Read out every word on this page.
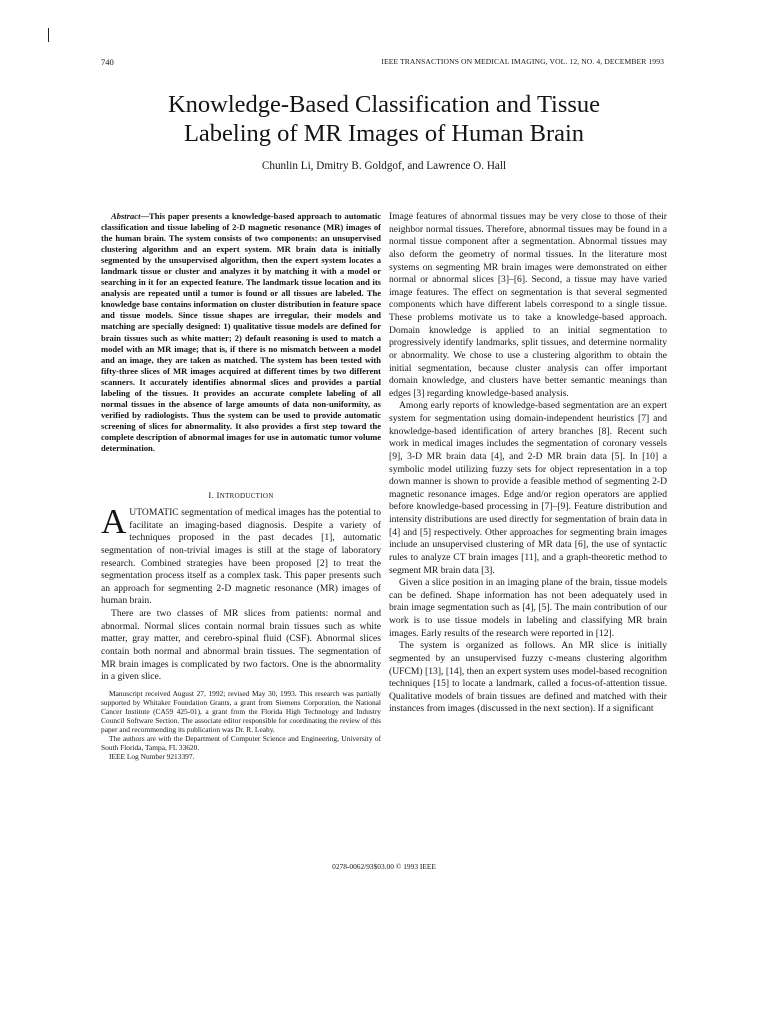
740	IEEE TRANSACTIONS ON MEDICAL IMAGING, VOL. 12, NO. 4, DECEMBER 1993
Knowledge-Based Classification and Tissue
Labeling of MR Images of Human Brain
Chunlin Li, Dmitry B. Goldgof, and Lawrence O. Hall

Abstract—This paper presents a knowledge-based approach to automatic classification and tissue labeling of 2-D magnetic resonance (MR) images of the human brain. The system consists of two components: an unsupervised clustering algorithm and an expert system. MR brain data is initially segmented by the unsupervised algorithm, then the expert system locates a landmark tissue or cluster and analyzes it by matching it with a model or searching in it for an expected feature. The landmark tissue location and its analysis are repeated until a tumor is found or all tissues are labeled. The knowledge base contains information on cluster distribution in feature space and tissue models. Since tissue shapes are irregular, their models and matching are specially designed: 1) qualitative tissue models are defined for brain tissues such as white matter; 2) default reasoning is used to match a model with an MR image; that is, if there is no mismatch between a model and an image, they are taken as matched. The system has been tested with fifty-three slices of MR images acquired at different times by two different scanners. It accurately identifies abnormal slices and provides a partial labeling of the tissues. It provides an accurate complete labeling of all normal tissues in the absence of large amounts of data non-uniformity, as verified by radiologists. Thus the system can be used to provide automatic screening of slices for abnormality. It also provides a first step toward the complete description of abnormal images for use in automatic tumor volume determination.

I. INTRODUCTION

AUTOMATIC segmentation of medical images has the potential to facilitate an imaging-based diagnosis. Despite a variety of techniques proposed in the past decades [1], automatic segmentation of non-trivial images is still at the stage of laboratory research. Combined strategies have been proposed [2] to treat the segmentation process itself as a complex task. This paper presents such an approach for segmenting 2-D magnetic resonance (MR) images of human brain.

There are two classes of MR slices from patients: normal and abnormal. Normal slices contain normal brain tissues such as white matter, gray matter, and cerebro-spinal fluid (CSF). Abnormal slices contain both normal and abnormal brain tissues. The segmentation of MR brain images is complicated by two factors. One is the abnormality in a given slice.

Manuscript received August 27, 1992; revised May 30, 1993. This research was partially supported by Whitaker Foundation Grants, a grant from Siemens Corporation, the National Cancer Institute (CA59 425-01), a grant from the Florida High Technology and Industry Council Software Section. The associate editor responsible for coordinating the review of this paper and recommending its publication was Dr. R. Leahy.

The authors are with the Department of Computer Science and Engineering, University of South Florida, Tampa, FL 33620.

IEEE Log Number 9213397.

Image features of abnormal tissues may be very close to those of their neighbor normal tissues. Therefore, abnormal tissues may be found in a normal tissue component after a segmentation. Abnormal tissues may also deform the geometry of normal tissues. In the literature most systems on segmenting MR brain images were demonstrated on either normal or abnormal slices [3]–[6]. Second, a tissue may have varied image features. The effect on segmentation is that several segmented components which have different labels correspond to a single tissue. These problems motivate us to take a knowledge-based approach. Domain knowledge is applied to an initial segmentation to progressively identify landmarks, split tissues, and determine normality or abnormality. We chose to use a clustering algorithm to obtain the initial segmentation, because cluster analysis can offer important domain knowledge, and clusters have better semantic meanings than edges [3] regarding knowledge-based analysis.

Among early reports of knowledge-based segmentation are an expert system for segmentation using domain-independent heuristics [7] and knowledge-based identification of artery branches [8]. Recent such work in medical images includes the segmentation of coronary vessels [9], 3-D MR brain data [4], and 2-D MR brain data [5]. In [10] a symbolic model utilizing fuzzy sets for object representation in a top down manner is shown to provide a feasible method of segmenting 2-D magnetic resonance images. Edge and/or region operators are applied before knowledge-based processing in [7]–[9]. Feature distribution and intensity distributions are used directly for segmentation of brain data in [4] and [5] respectively. Other approaches for segmenting brain images include an unsupervised clustering of MR data [6], the use of syntactic rules to analyze CT brain images [11], and a graph-theoretic method to segment MR brain data [3].

Given a slice position in an imaging plane of the brain, tissue models can be defined. Shape information has not been adequately used in brain image segmentation such as [4], [5]. The main contribution of our work is to use tissue models in labeling and classifying MR brain images. Early results of the research were reported in [12].

The system is organized as follows. An MR slice is initially segmented by an unsupervised fuzzy c-means clustering algorithm (UFCM) [13], [14], then an expert system uses model-based recognition techniques [15] to locate a landmark, called a focus-of-attention tissue. Qualitative models of brain tissues are defined and matched with their instances from images (discussed in the next section). If a significant

0278-0062/93$03.00 © 1993 IEEE
